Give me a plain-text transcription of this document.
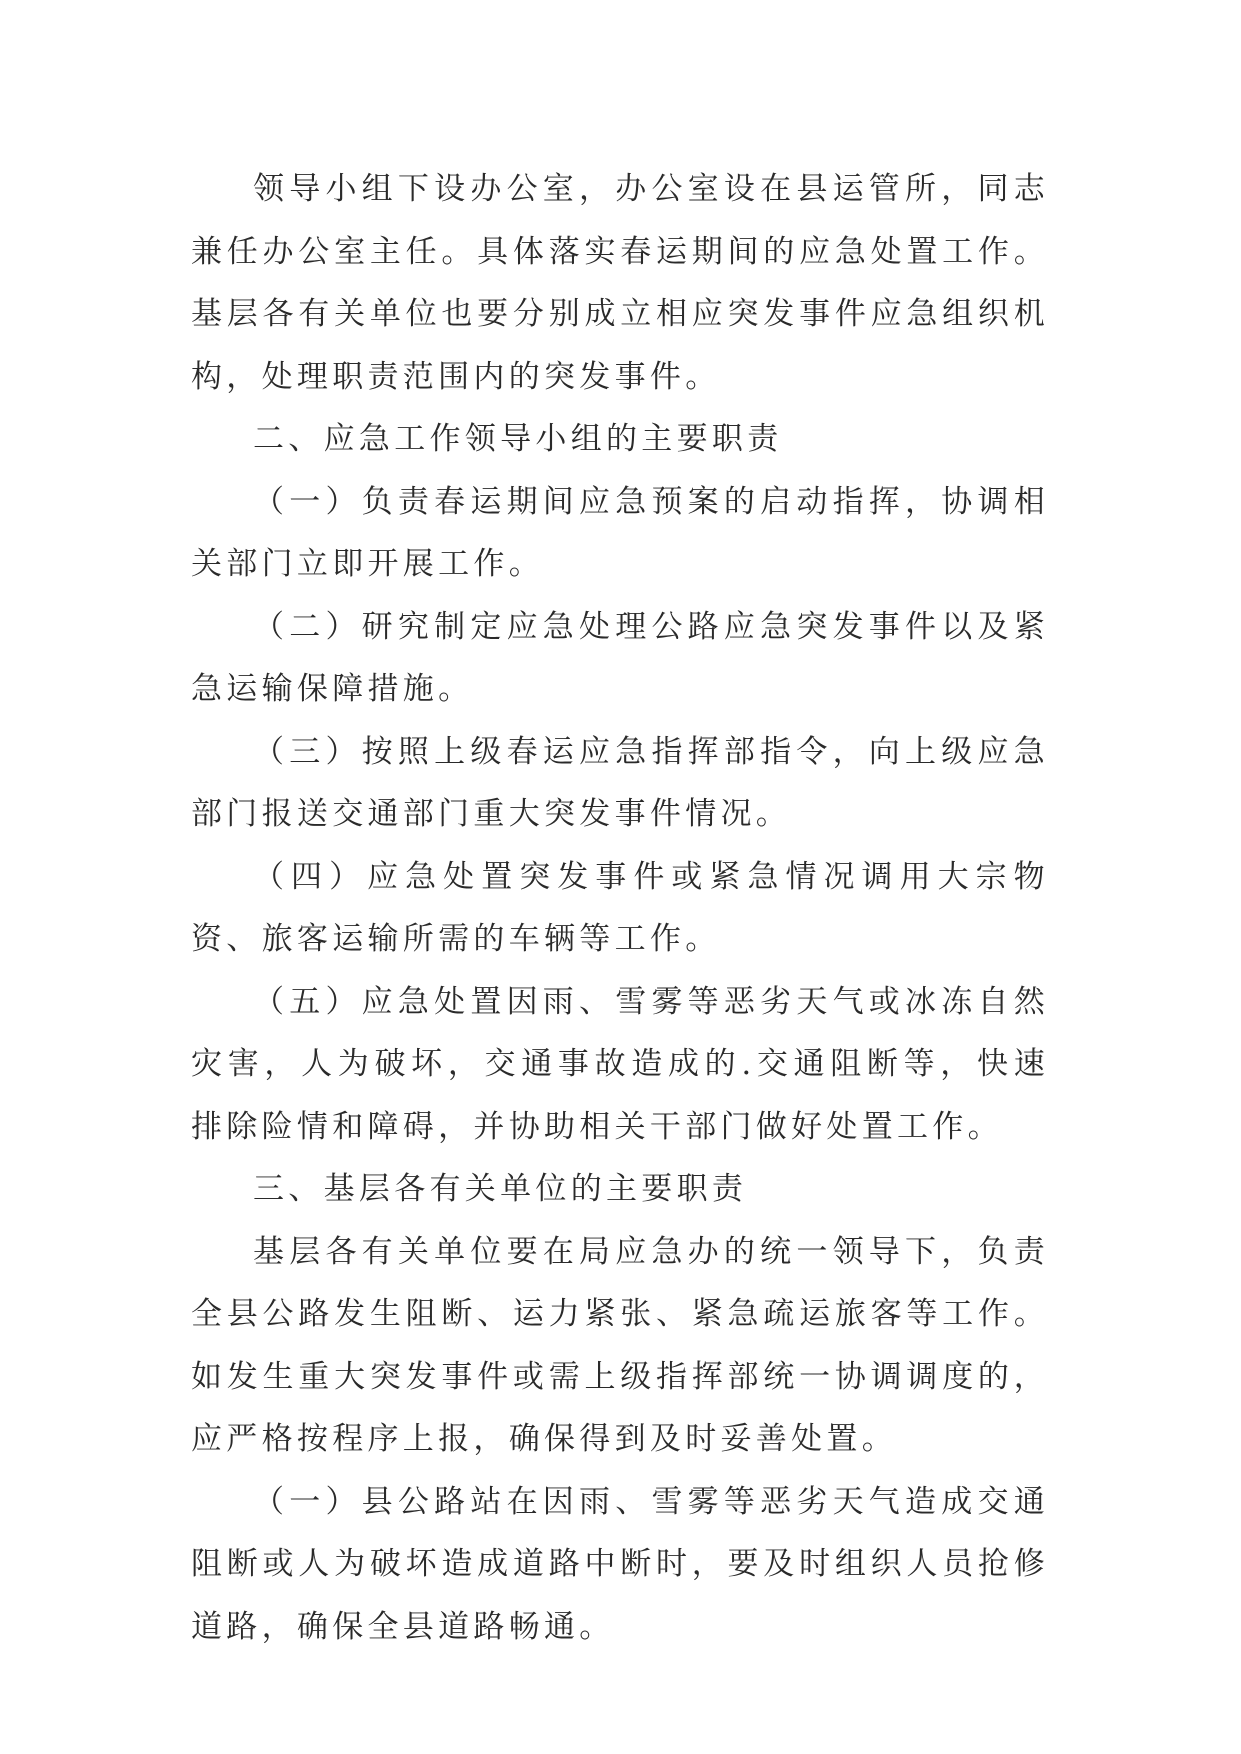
领导小组下设办公室，办公室设在县运管所，同志兼任办公室主任。具体落实春运期间的应急处置工作。基层各有关单位也要分别成立相应突发事件应急组织机构，处理职责范围内的突发事件。

二、应急工作领导小组的主要职责

（一）负责春运期间应急预案的启动指挥，协调相关部门立即开展工作。

（二）研究制定应急处理公路应急突发事件以及紧急运输保障措施。

（三）按照上级春运应急指挥部指令，向上级应急部门报送交通部门重大突发事件情况。

（四）应急处置突发事件或紧急情况调用大宗物资、旅客运输所需的车辆等工作。

（五）应急处置因雨、雪雾等恶劣天气或冰冻自然灾害，人为破坏，交通事故造成的.交通阻断等，快速排除险情和障碍，并协助相关干部门做好处置工作。

三、基层各有关单位的主要职责

基层各有关单位要在局应急办的统一领导下，负责全县公路发生阻断、运力紧张、紧急疏运旅客等工作。如发生重大突发事件或需上级指挥部统一协调调度的，应严格按程序上报，确保得到及时妥善处置。

（一）县公路站在因雨、雪雾等恶劣天气造成交通阻断或人为破坏造成道路中断时，要及时组织人员抢修道路，确保全县道路畅通。
